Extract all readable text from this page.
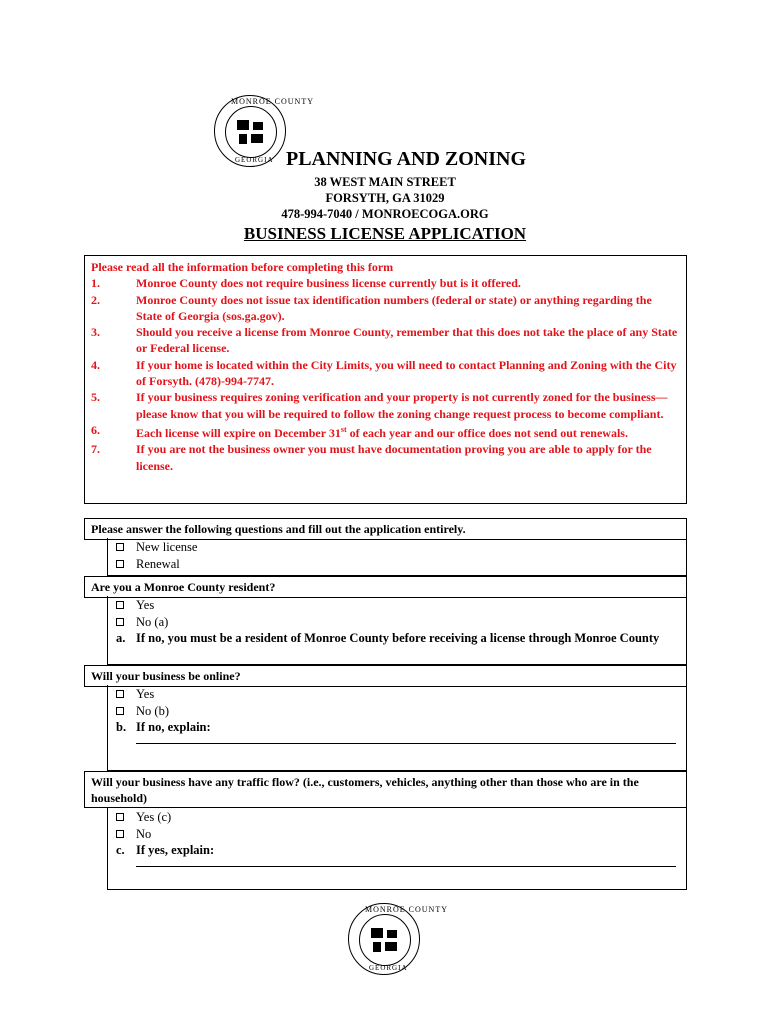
MONROE COUNTY
GEORGIA PLANNING AND ZONING
38 WEST MAIN STREET
FORSYTH, GA 31029
478-994-7040 / MONROECOGA.ORG
BUSINESS LICENSE APPLICATION
Please read all the information before completing this form
1.	Monroe County does not require business license currently but is it offered.
2.	Monroe County does not issue tax identification numbers (federal or state) or anything regarding the State of Georgia (sos.ga.gov).
3.	Should you receive a license from Monroe County, remember that this does not take the place of any State or Federal license.
4.	If your home is located within the City Limits, you will need to contact Planning and Zoning with the City of Forsyth. (478)-994-7747.
5.	If your business requires zoning verification and your property is not currently zoned for the business—please know that you will be required to follow the zoning change request process to become compliant.
6.	Each license will expire on December 31st of each year and our office does not send out renewals.
7.	If you are not the business owner you must have documentation proving you are able to apply for the license.
Please answer the following questions and fill out the application entirely.
New license
Renewal
Are you a Monroe County resident?
Yes
No (a)
a. If no, you must be a resident of Monroe County before receiving a license through Monroe County
Will your business be online?
Yes
No (b)
b. If no, explain:
Will your business have any traffic flow? (i.e., customers, vehicles, anything other than those who are in the household)
Yes (c)
No
c. If yes, explain:
MONROE COUNTY
GEORGIA
